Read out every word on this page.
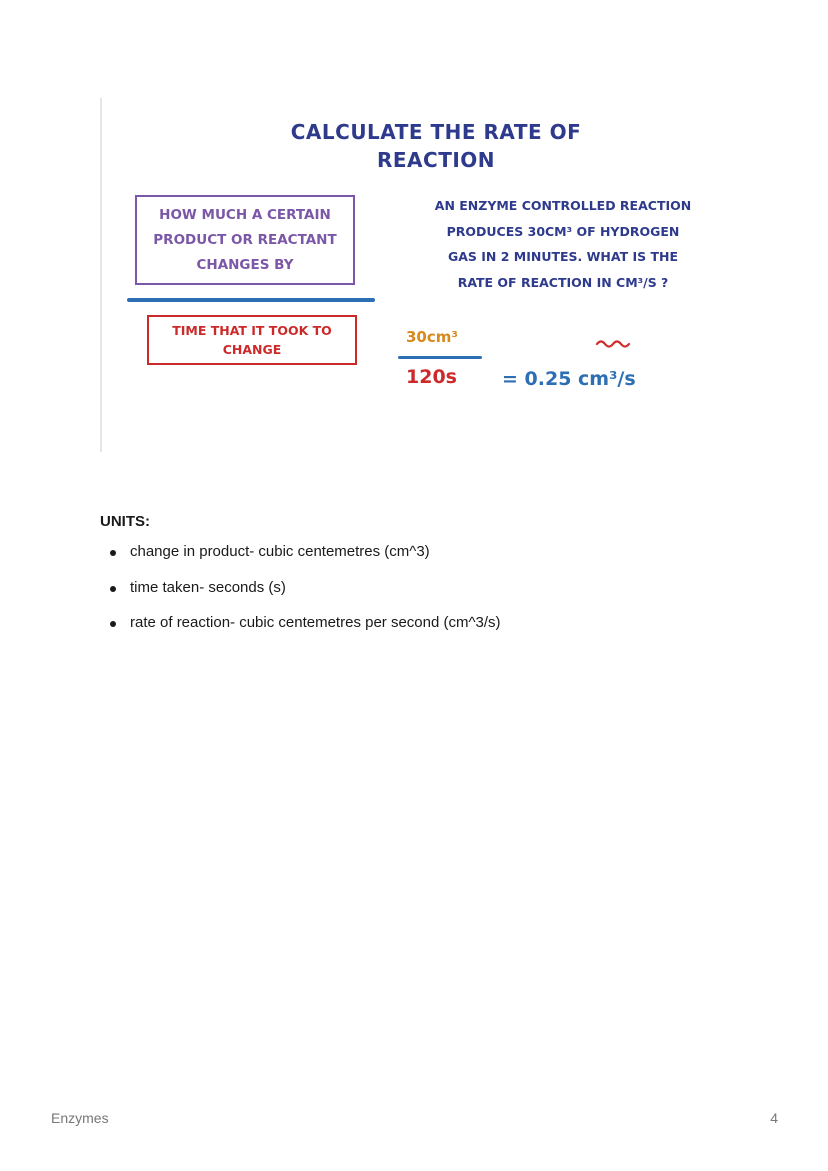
CALCULATE THE RATE OF REACTION
HOW MUCH A CERTAIN PRODUCT OR REACTANT CHANGES BY
TIME THAT IT TOOK TO CHANGE
AN ENZYME CONTROLLED REACTION PRODUCES 30CM³ OF HYDROGEN GAS IN 2 MINUTES. WHAT IS THE RATE OF REACTION IN CM³/S ?
30cm³
120s = 0.25 cm³/s
UNITS:
change in product- cubic centemetres (cm^3)
time taken- seconds (s)
rate of reaction- cubic centemetres per second (cm^3/s)
Enzymes	4
